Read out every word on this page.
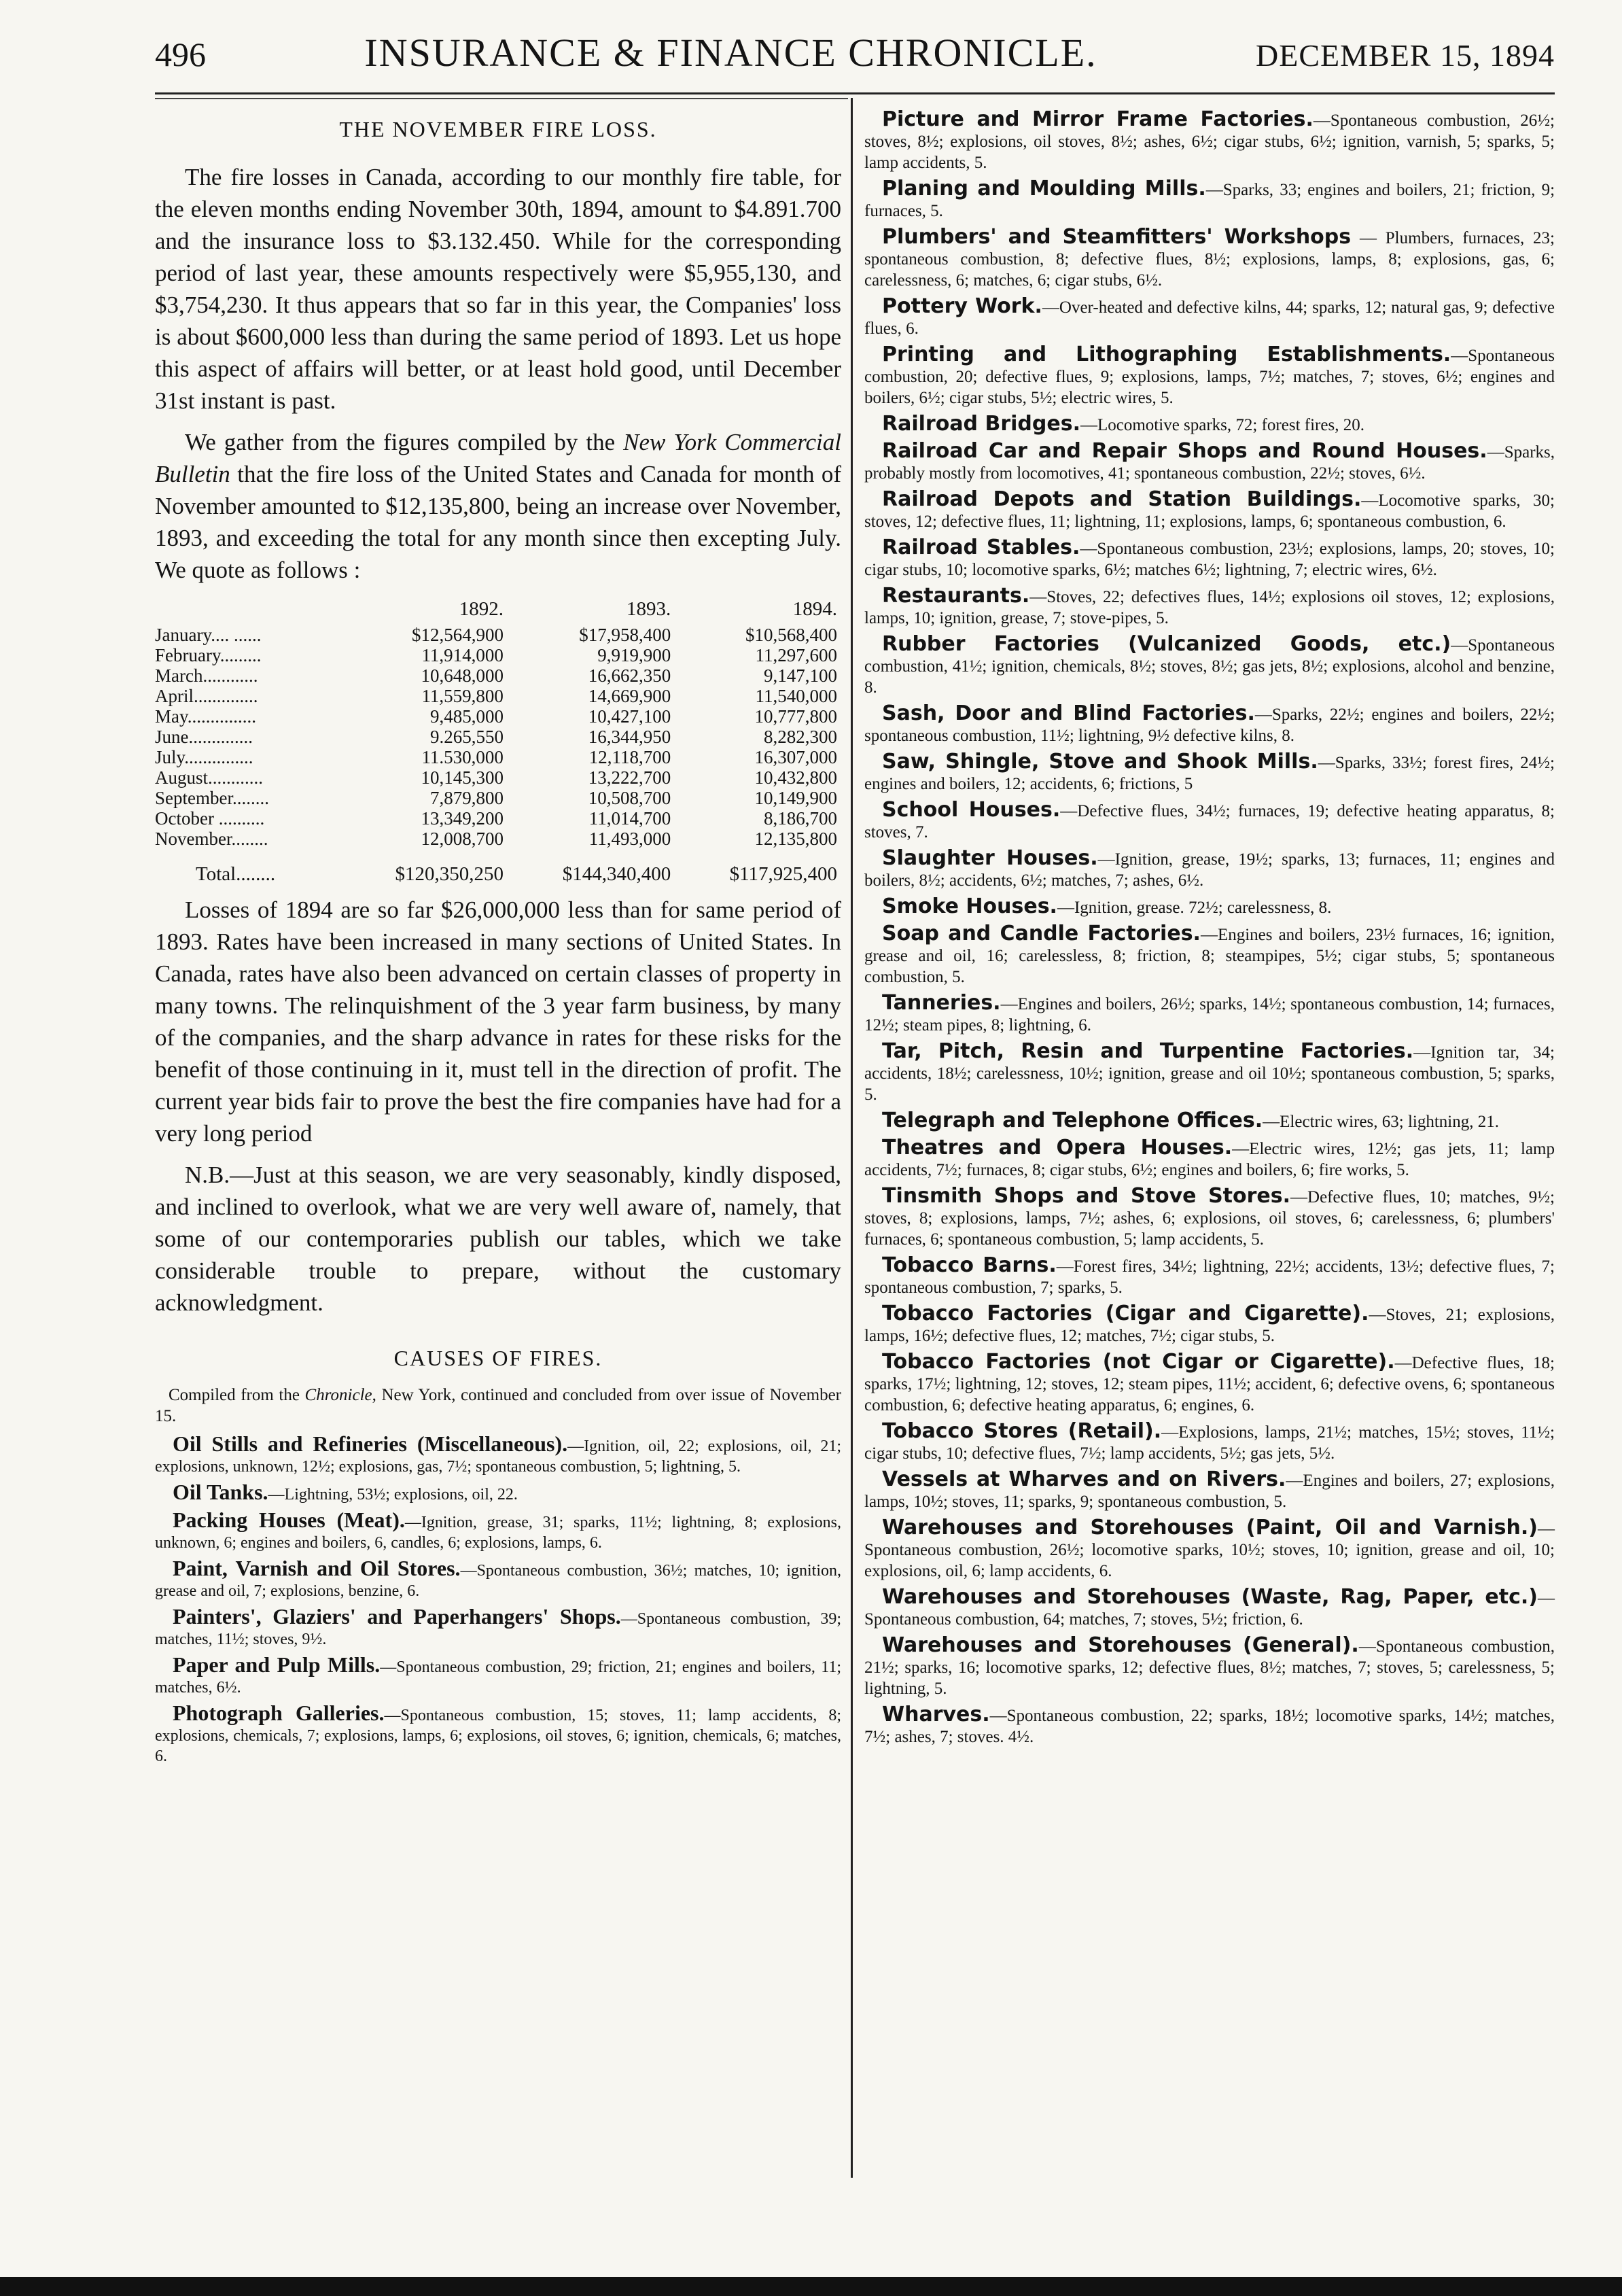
496	INSURANCE & FINANCE CHRONICLE.	DECEMBER 15, 1894
THE NOVEMBER FIRE LOSS.

The fire losses in Canada, according to our monthly fire table, for the eleven months ending November 30th, 1894, amount to $4.891.700 and the insurance loss to $3.132.450. While for the corresponding period of last year, these amounts respectively were $5,955,130, and $3,754,230. It thus appears that so far in this year, the Companies' loss is about $600,000 less than during the same period of 1893. Let us hope this aspect of affairs will better, or at least hold good, until December 31st instant is past.

We gather from the figures compiled by the New York Commercial Bulletin that the fire loss of the United States and Canada for month of November amounted to $12,135,800, being an increase over November, 1893, and exceeding the total for any month since then excepting July. We quote as follows :

	1892.	1893.	1894.
January.... ......	$12,564,900	$17,958,400	$10,568,400
February.........	11,914,000	9,919,900	11,297,600
March............	10,648,000	16,662,350	9,147,100
April..............	11,559,800	14,669,900	11,540,000
May...............	9,485,000	10,427,100	10,777,800
June..............	9.265,550	16,344,950	8,282,300
July...............	11.530,000	12,118,700	16,307,000
August............	10,145,300	13,222,700	10,432,800
September........	7,879,800	10,508,700	10,149,900
October ..........	13,349,200	11,014,700	8,186,700
November........	12,008,700	11,493,000	12,135,800
Total........	$120,350,250	$144,340,400	$117,925,400

Losses of 1894 are so far $26,000,000 less than for same period of 1893. Rates have been increased in many sections of United States. In Canada, rates have also been advanced on certain classes of property in many towns. The relinquishment of the 3 year farm business, by many of the companies, and the sharp advance in rates for these risks for the benefit of those continuing in it, must tell in the direction of profit. The current year bids fair to prove the best the fire companies have had for a very long period

N.B.—Just at this season, we are very seasonably, kindly disposed, and inclined to overlook, what we are very well aware of, namely, that some of our contemporaries publish our tables, which we take considerable trouble to prepare, without the customary acknowledgment.

CAUSES OF FIRES.

Compiled from the Chronicle, New York, continued and concluded from over issue of November 15.

Oil Stills and Refineries (Miscellaneous).—Ignition, oil, 22; explosions, oil, 21; explosions, unknown, 12½; explosions, gas, 7½; spontaneous combustion, 5; lightning, 5.

Oil Tanks.—Lightning, 53½; explosions, oil, 22.

Packing Houses (Meat).—Ignition, grease, 31; sparks, 11½; lightning, 8; explosions, unknown, 6; engines and boilers, 6, candles, 6; explosions, lamps, 6.

Paint, Varnish and Oil Stores.—Spontaneous combustion, 36½; matches, 10; ignition, grease and oil, 7; explosions, benzine, 6.

Painters', Glaziers' and Paperhangers' Shops.—Spontaneous combustion, 39; matches, 11½; stoves, 9½.

Paper and Pulp Mills.—Spontaneous combustion, 29; friction, 21; engines and boilers, 11; matches, 6½.

Photograph Galleries.—Spontaneous combustion, 15; stoves, 11; lamp accidents, 8; explosions, chemicals, 7; explosions, lamps, 6; explosions, oil stoves, 6; ignition, chemicals, 6; matches, 6.

Picture and Mirror Frame Factories.—Spontaneous combustion, 26½; stoves, 8½; explosions, oil stoves, 8½; ashes, 6½; cigar stubs, 6½; ignition, varnish, 5; sparks, 5; lamp accidents, 5.

Planing and Moulding Mills.—Sparks, 33; engines and boilers, 21; friction, 9; furnaces, 5.

Plumbers' and Steamfitters' Workshops — Plumbers, furnaces, 23; spontaneous combustion, 8; defective flues, 8½; explosions, lamps, 8; explosions, gas, 6; carelessness, 6; matches, 6; cigar stubs, 6½.

Pottery Work.—Over-heated and defective kilns, 44; sparks, 12; natural gas, 9; defective flues, 6.

Printing and Lithographing Establishments.—Spontaneous combustion, 20; defective flues, 9; explosions, lamps, 7½; matches, 7; stoves, 6½; engines and boilers, 6½; cigar stubs, 5½; electric wires, 5.

Railroad Bridges.—Locomotive sparks, 72; forest fires, 20.

Railroad Car and Repair Shops and Round Houses.—Sparks, probably mostly from locomotives, 41; spontaneous combustion, 22½; stoves, 6½.

Railroad Depots and Station Buildings.—Locomotive sparks, 30; stoves, 12; defective flues, 11; lightning, 11; explosions, lamps, 6; spontaneous combustion, 6.

Railroad Stables.—Spontaneous combustion, 23½; explosions, lamps, 20; stoves, 10; cigar stubs, 10; locomotive sparks, 6½; matches 6½; lightning, 7; electric wires, 6½.

Restaurants.—Stoves, 22; defectives flues, 14½; explosions oil stoves, 12; explosions, lamps, 10; ignition, grease, 7; stove-pipes, 5.

Rubber Factories (Vulcanized Goods, etc.)—Spontaneous combustion, 41½; ignition, chemicals, 8½; stoves, 8½; gas jets, 8½; explosions, alcohol and benzine, 8.

Sash, Door and Blind Factories.—Sparks, 22½; engines and boilers, 22½; spontaneous combustion, 11½; lightning, 9½ defective kilns, 8.

Saw, Shingle, Stove and Shook Mills.—Sparks, 33½; forest fires, 24½; engines and boilers, 12; accidents, 6; frictions, 5

School Houses.—Defective flues, 34½; furnaces, 19; defective heating apparatus, 8; stoves, 7.

Slaughter Houses.—Ignition, grease, 19½; sparks, 13; furnaces, 11; engines and boilers, 8½; accidents, 6½; matches, 7; ashes, 6½.

Smoke Houses.—Ignition, grease. 72½; carelessness, 8.

Soap and Candle Factories.—Engines and boilers, 23½ furnaces, 16; ignition, grease and oil, 16; carelessless, 8; friction, 8; steampipes, 5½; cigar stubs, 5; spontaneous combustion, 5.

Tanneries.—Engines and boilers, 26½; sparks, 14½; spontaneous combustion, 14; furnaces, 12½; steam pipes, 8; lightning, 6.

Tar, Pitch, Resin and Turpentine Factories.—Ignition tar, 34; accidents, 18½; carelessness, 10½; ignition, grease and oil 10½; spontaneous combustion, 5; sparks, 5.

Telegraph and Telephone Offices.—Electric wires, 63; lightning, 21.

Theatres and Opera Houses.—Electric wires, 12½; gas jets, 11; lamp accidents, 7½; furnaces, 8; cigar stubs, 6½; engines and boilers, 6; fire works, 5.

Tinsmith Shops and Stove Stores.—Defective flues, 10; matches, 9½; stoves, 8; explosions, lamps, 7½; ashes, 6; explosions, oil stoves, 6; carelessness, 6; plumbers' furnaces, 6; spontaneous combustion, 5; lamp accidents, 5.

Tobacco Barns.—Forest fires, 34½; lightning, 22½; accidents, 13½; defective flues, 7; spontaneous combustion, 7; sparks, 5.

Tobacco Factories (Cigar and Cigarette).—Stoves, 21; explosions, lamps, 16½; defective flues, 12; matches, 7½; cigar stubs, 5.

Tobacco Factories (not Cigar or Cigarette).—Defective flues, 18; sparks, 17½; lightning, 12; stoves, 12; steam pipes, 11½; accident, 6; defective ovens, 6; spontaneous combustion, 6; defective heating apparatus, 6; engines, 6.

Tobacco Stores (Retail).—Explosions, lamps, 21½; matches, 15½; stoves, 11½; cigar stubs, 10; defective flues, 7½; lamp accidents, 5½; gas jets, 5½.

Vessels at Wharves and on Rivers.—Engines and boilers, 27; explosions, lamps, 10½; stoves, 11; sparks, 9; spontaneous combustion, 5.

Warehouses and Storehouses (Paint, Oil and Varnish.)—Spontaneous combustion, 26½; locomotive sparks, 10½; stoves, 10; ignition, grease and oil, 10; explosions, oil, 6; lamp accidents, 6.

Warehouses and Storehouses (Waste, Rag, Paper, etc.)—Spontaneous combustion, 64; matches, 7; stoves, 5½; friction, 6.

Warehouses and Storehouses (General).—Spontaneous combustion, 21½; sparks, 16; locomotive sparks, 12; defective flues, 8½; matches, 7; stoves, 5; carelessness, 5; lightning, 5.

Wharves.—Spontaneous combustion, 22; sparks, 18½; locomotive sparks, 14½; matches, 7½; ashes, 7; stoves. 4½.
